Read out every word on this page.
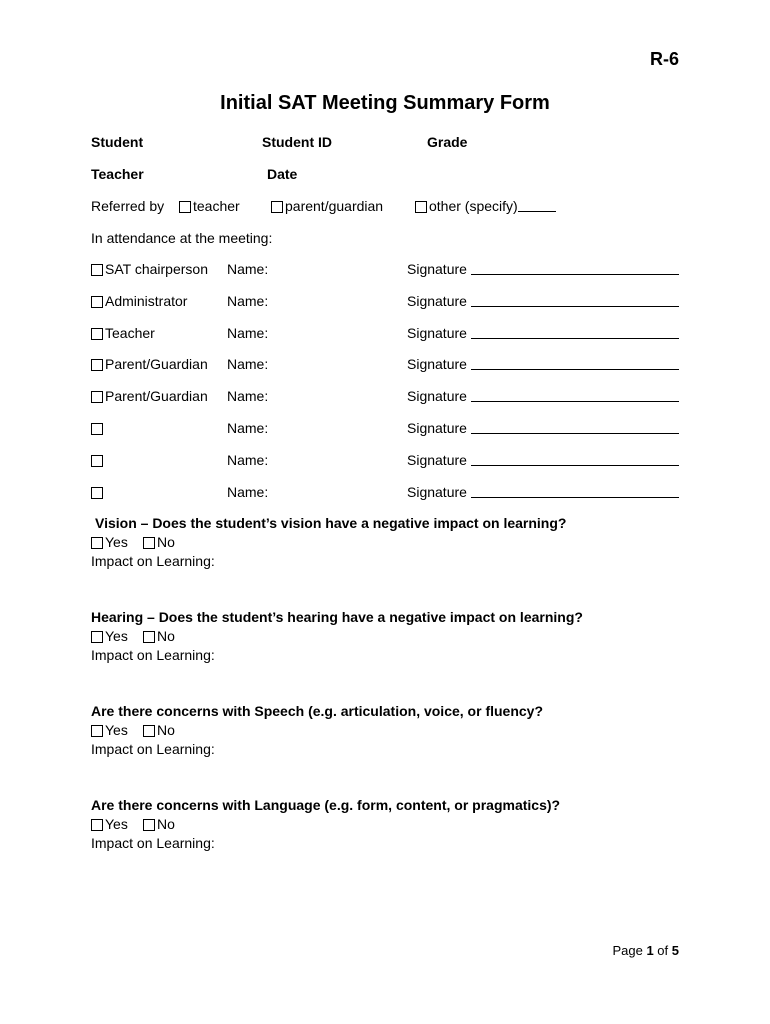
R-6
Initial SAT Meeting Summary Form
Student	Student ID	Grade
Teacher	Date
Referred by	teacher	parent/guardian	other (specify)
In attendance at the meeting:
SAT chairperson Name:	Signature
Administrator	Name:	Signature
Teacher	Name:	Signature
Parent/Guardian Name:	Signature
Parent/Guardian Name:	Signature
Name:	Signature
Name:	Signature
Name:	Signature
Vision – Does the student’s vision have a negative impact on learning?
Yes	No
Impact on Learning:
Hearing – Does the student’s hearing have a negative impact on learning?
Yes	No
Impact on Learning:
Are there concerns with Speech (e.g. articulation, voice, or fluency?
Yes	No
Impact on Learning:
Are there concerns with Language (e.g. form, content, or pragmatics)?
Yes	No
Impact on Learning:
Page 1 of 5
